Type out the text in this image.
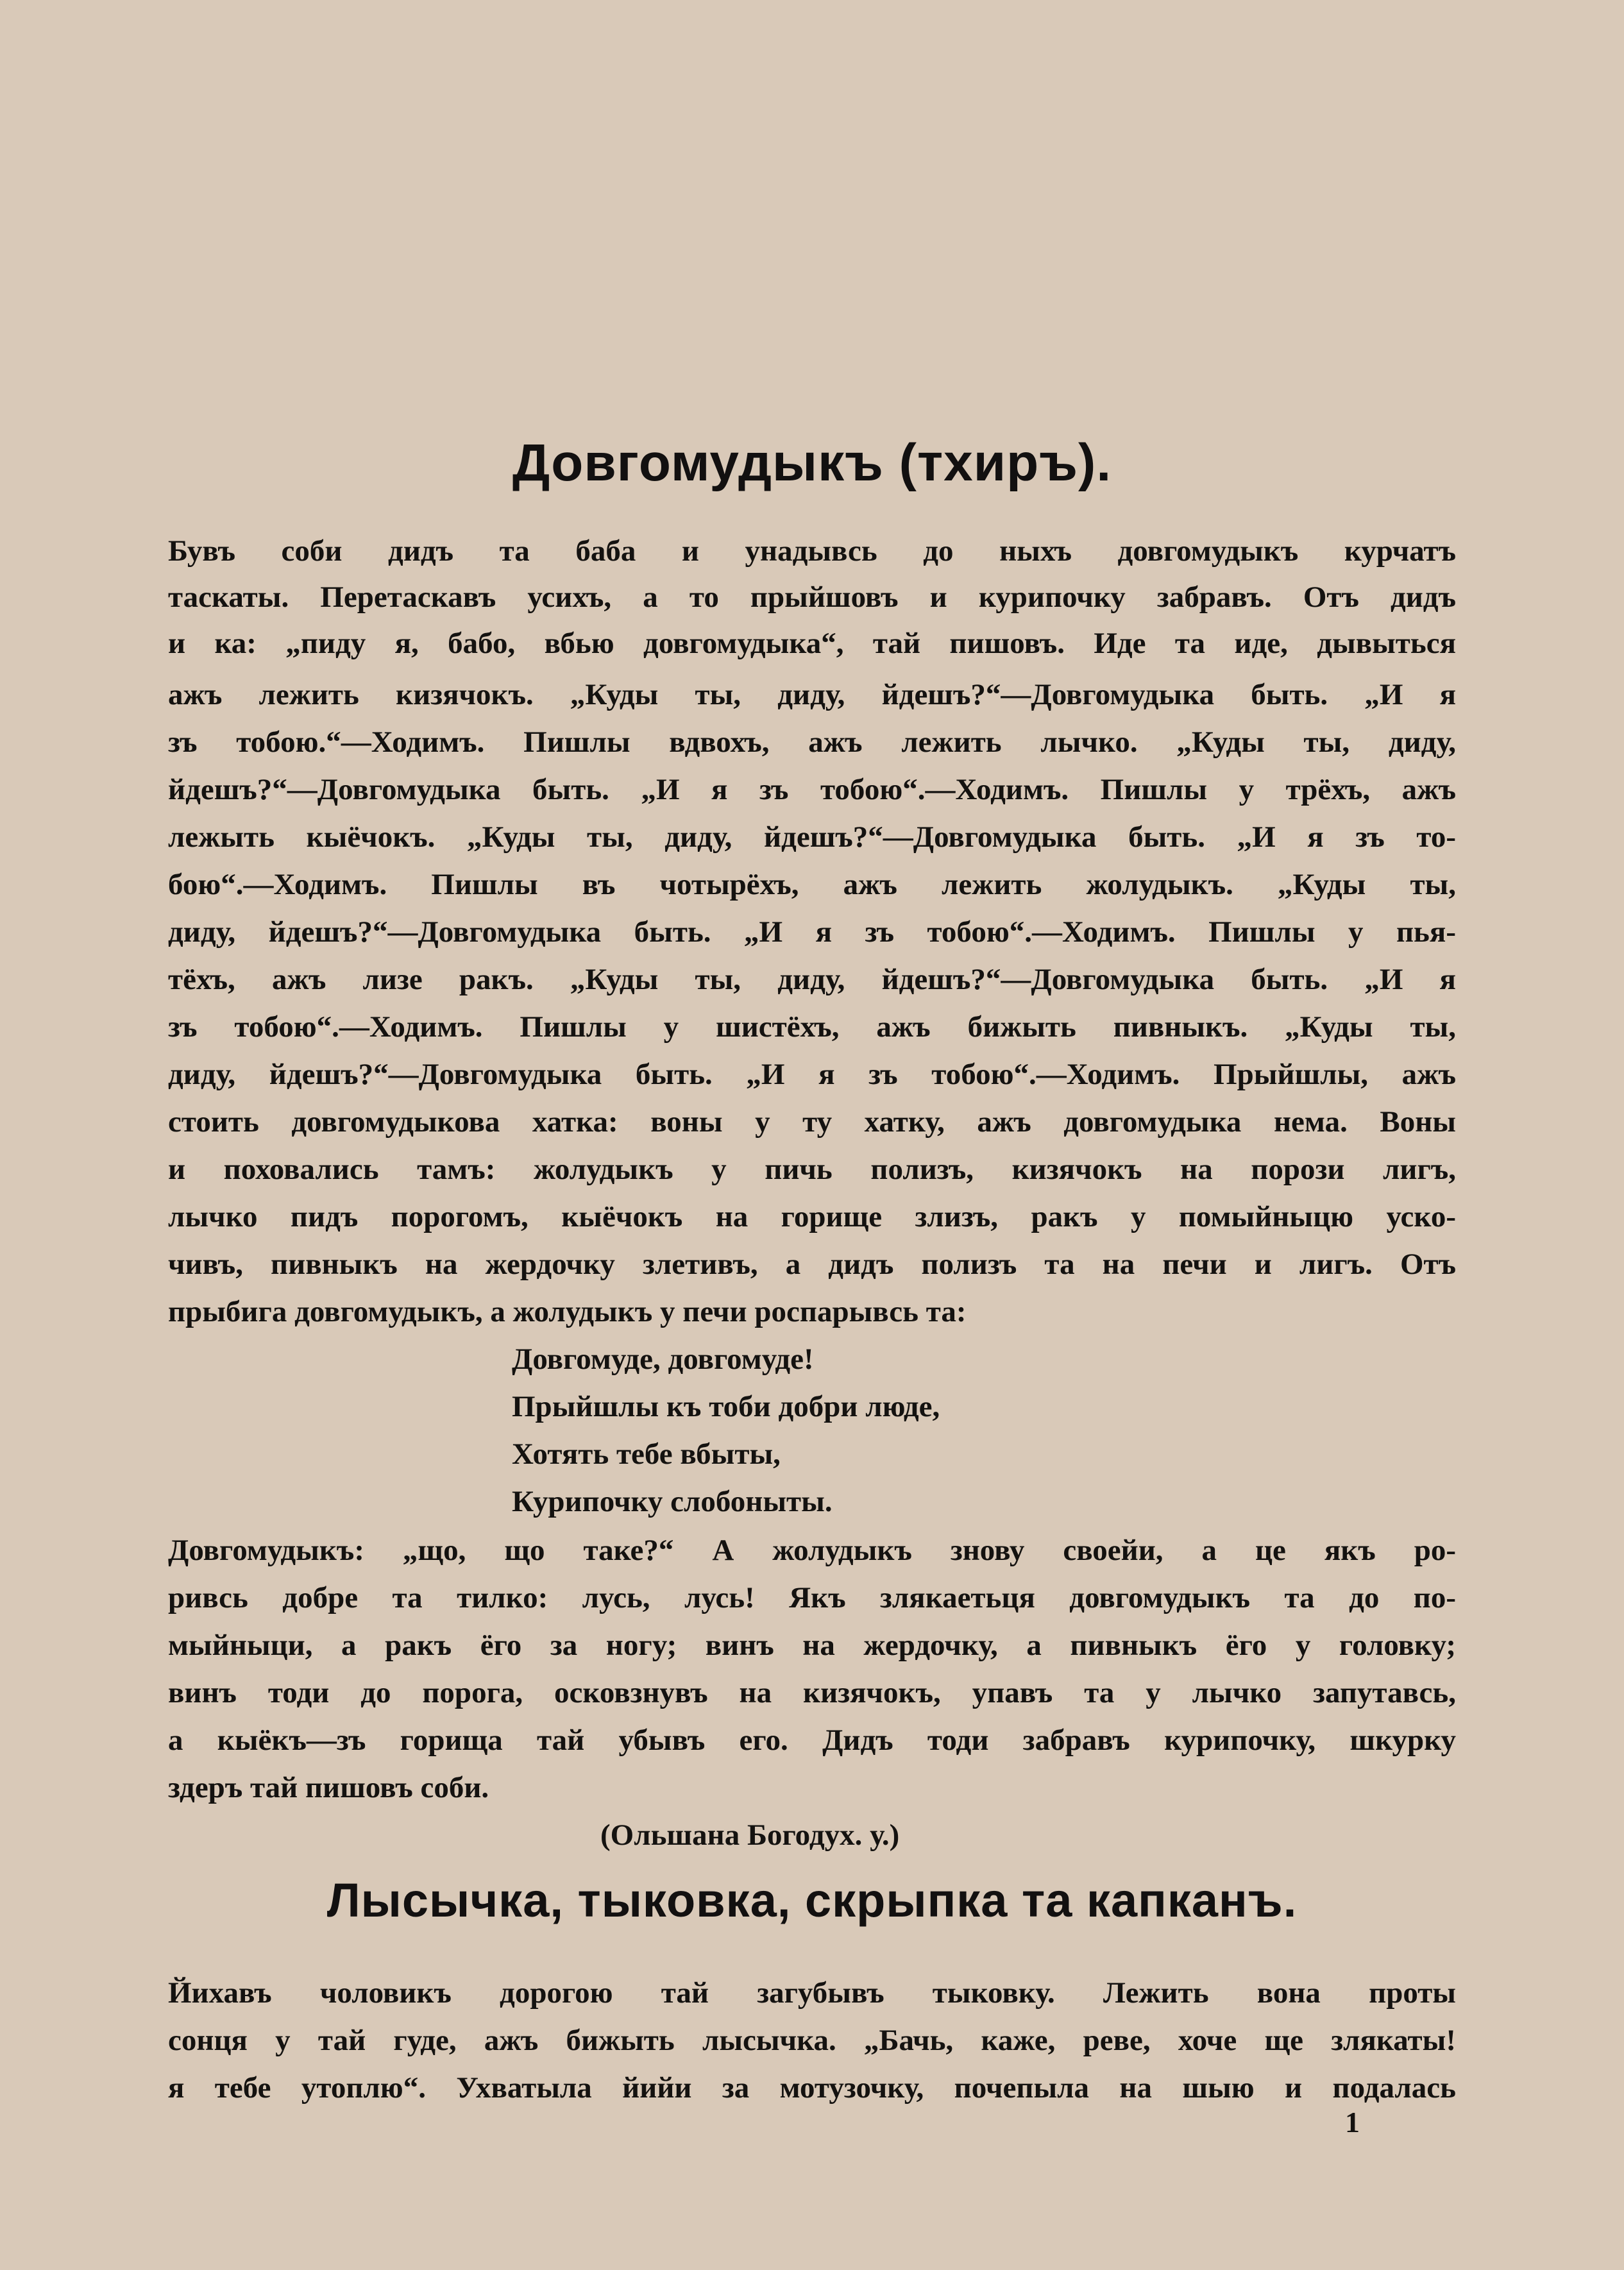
Довгомудыкъ (тхиръ).
Бувъ соби дидъ та баба и унадывсь до ныхъ довгомудыкъ курчатъ
таскаты. Перетаскавъ усихъ, а то прыйшовъ и курипочку забравъ. Отъ дидъ
и ка: „пиду я, бабо, вбью довгомудыка“, тай пишовъ. Иде та иде, дывыться
ажъ лежить кизячокъ. „Куды ты, диду, йдешъ?“—Довгомудыка быть. „И я
зъ тобою.“—Ходимъ. Пишлы вдвохъ, ажъ лежить лычко. „Куды ты, диду,
йдешъ?“—Довгомудыка быть. „И я зъ тобою“.—Ходимъ. Пишлы у трёхъ, ажъ
лежыть кыёчокъ. „Куды ты, диду, йдешъ?“—Довгомудыка быть. „И я зъ то-
бою“.—Ходимъ. Пишлы въ чотырёхъ, ажъ лежить жолудыкъ. „Куды ты,
диду, йдешъ?“—Довгомудыка быть. „И я зъ тобою“.—Ходимъ. Пишлы у пья-
тёхъ, ажъ лизе ракъ. „Куды ты, диду, йдешъ?“—Довгомудыка быть. „И я
зъ тобою“.—Ходимъ. Пишлы у шистёхъ, ажъ бижыть пивныкъ. „Куды ты,
диду, йдешъ?“—Довгомудыка быть. „И я зъ тобою“.—Ходимъ. Прыйшлы, ажъ
стоить довгомудыкова хатка: воны у ту хатку, ажъ довгомудыка нема. Воны
и поховались тамъ: жолудыкъ у пичь полизъ, кизячокъ на порози лигъ,
лычко пидъ порогомъ, кыёчокъ на горище злизъ, ракъ у помыйныцю уско-
чивъ, пивныкъ на жердочку злетивъ, а дидъ полизъ та на печи и лигъ. Отъ
прыбига довгомудыкъ, а жолудыкъ у печи роспарывсь та:
Довгомуде, довгомуде!
Прыйшлы къ тоби добри люде,
Хотять тебе вбыты,
Курипочку слобоныты.
Довгомудыкъ: „що, що таке?“ А жолудыкъ знову своейи, а це якъ ро-
ривсь добре та тилко: лусь, лусь! Якъ злякаетьця довгомудыкъ та до по-
мыйныци, а ракъ ёго за ногу; винъ на жердочку, а пивныкъ ёго у головку;
винъ тоди до порога, осковзнувъ на кизячокъ, упавъ та у лычко запутавсь,
а кыёкъ—зъ горища тай убывъ его. Дидъ тоди забравъ курипочку, шкурку
здеръ тай пишовъ соби.
(Ольшана Богодух. у.)
Лысычка, тыковка, скрыпка та капканъ.
Йихавъ чоловикъ дорогою тай загубывъ тыковку. Лежить вона проты
сонця у тай гуде, ажъ бижыть лысычка. „Бачь, каже, реве, хоче ще злякаты!
я тебе утоплю“. Ухватыла йийи за мотузочку, почепыла на шыю и подалась
1
